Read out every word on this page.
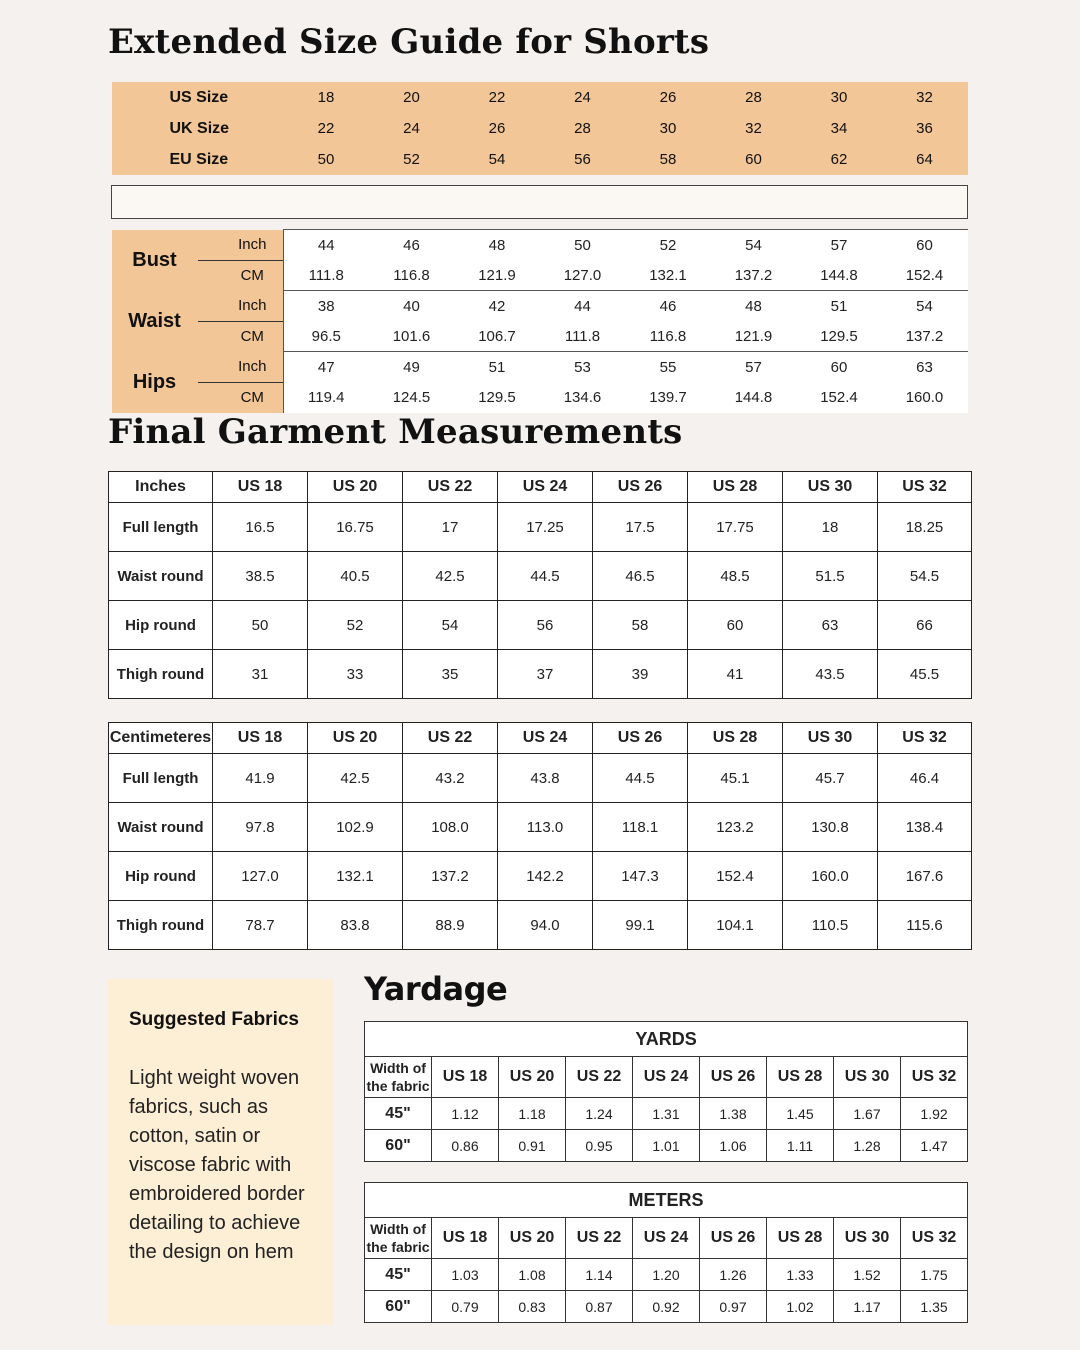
Extended Size Guide for Shorts
US Size		18	20	22	24	26	28	30	32
UK Size		22	24	26	28	30	32	34	36
EU Size		50	52	54	56	58	60	62	64

Bust	Inch	44	46	48	50	52	54	57	60
	CM	111.8	116.8	121.9	127.0	132.1	137.2	144.8	152.4
Waist	Inch	38	40	42	44	46	48	51	54
	CM	96.5	101.6	106.7	111.8	116.8	121.9	129.5	137.2
Hips	Inch	47	49	51	53	55	57	60	63
	CM	119.4	124.5	129.5	134.6	139.7	144.8	152.4	160.0
Final Garment Measurements
Inches	US 18	US 20	US 22	US 24	US 26	US 28	US 30	US 32
Full length	16.5	16.75	17	17.25	17.5	17.75	18	18.25
Waist round	38.5	40.5	42.5	44.5	46.5	48.5	51.5	54.5
Hip round	50	52	54	56	58	60	63	66
Thigh round	31	33	35	37	39	41	43.5	45.5
Centimeteres	US 18	US 20	US 22	US 24	US 26	US 28	US 30	US 32
Full length	41.9	42.5	43.2	43.8	44.5	45.1	45.7	46.4
Waist round	97.8	102.9	108.0	113.0	118.1	123.2	130.8	138.4
Hip round	127.0	132.1	137.2	142.2	147.3	152.4	160.0	167.6
Thigh round	78.7	83.8	88.9	94.0	99.1	104.1	110.5	115.6

Suggested Fabrics

Light weight woven fabrics, such as cotton, satin or viscose fabric with embroidered border detailing to achieve the design on hem

Yardage
YARDS								

Width of
the fabric	US 18	US 20	US 22	US 24	US 26	US 28	US 30	US 32
45"	1.12	1.18	1.24	1.31	1.38	1.45	1.67	1.92
60"	0.86	0.91	0.95	1.01	1.06	1.11	1.28	1.47
METERS								

Width of
the fabric	US 18	US 20	US 22	US 24	US 26	US 28	US 30	US 32
45"	1.03	1.08	1.14	1.20	1.26	1.33	1.52	1.75
60"	0.79	0.83	0.87	0.92	0.97	1.02	1.17	1.35
